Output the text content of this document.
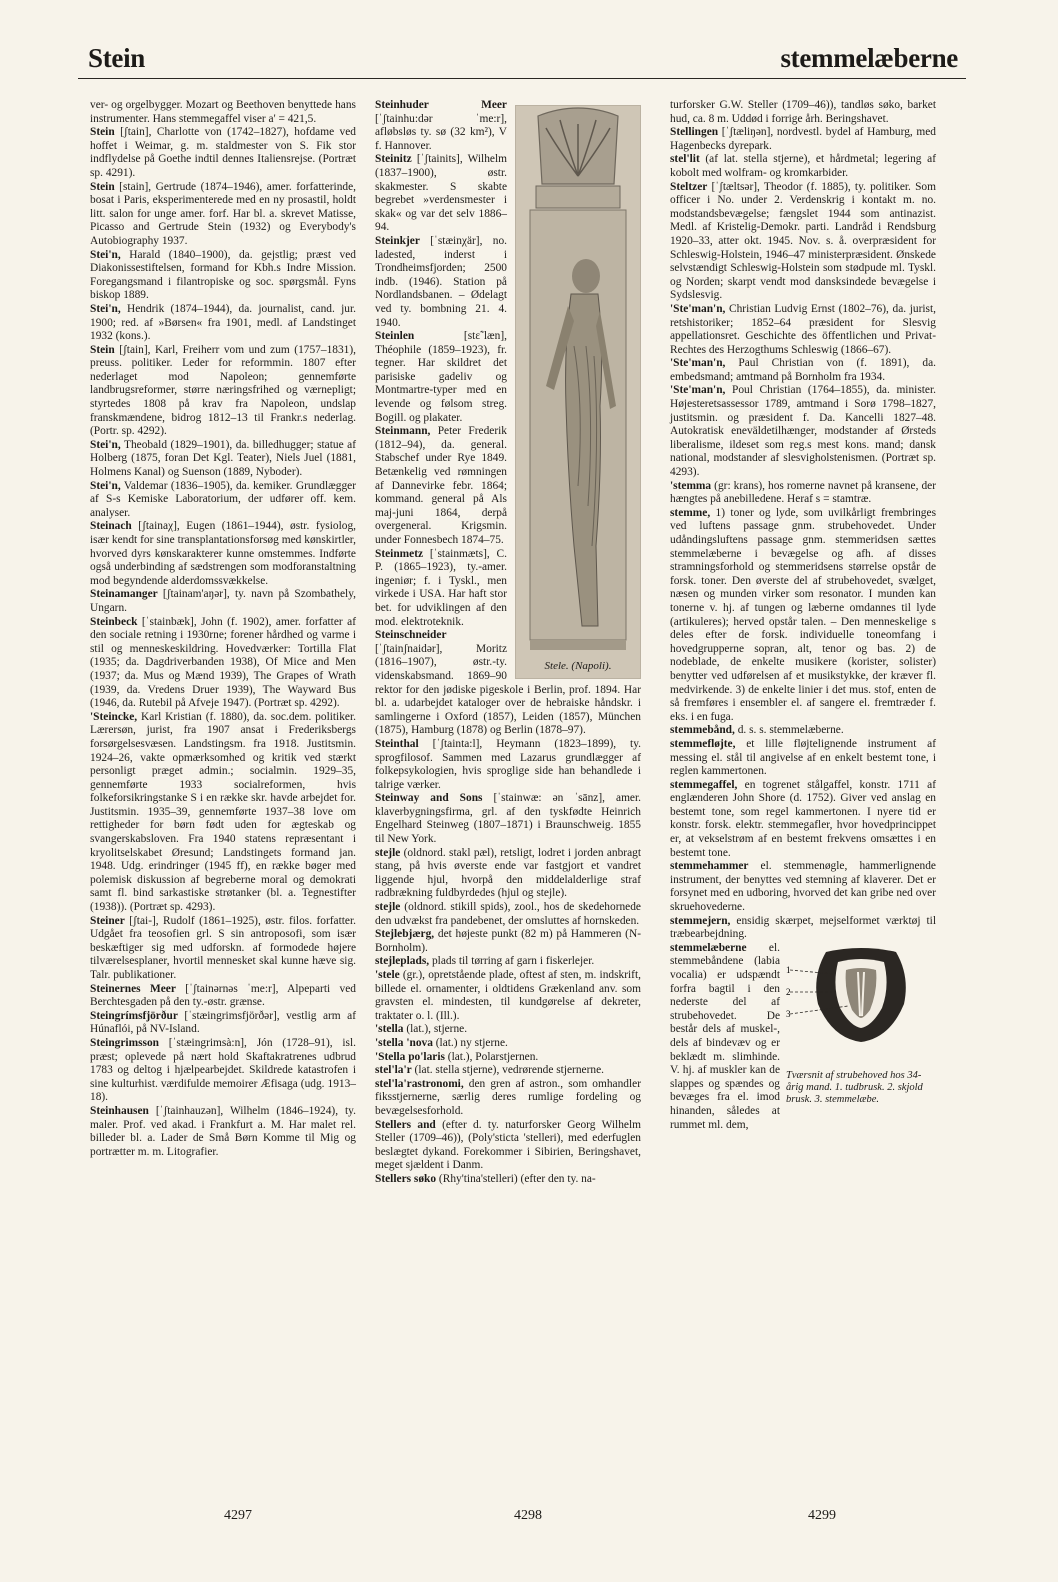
Stein	stemmelæberne

ver- og orgelbygger. Mozart og Beethoven benyttede hans instrumenter. Hans stemmegaffel viser a' = 421,5.

Stein [ʃtain], Charlotte von (1742–1827), hofdame ved hoffet i Weimar, g. m. staldmester von S. Fik stor indflydelse på Goethe indtil dennes Italiensrejse. (Portræt sp. 4291).

Stein [stain], Gertrude (1874–1946), amer. forfatterinde, bosat i Paris, eksperimenterede med en ny prosastil, holdt litt. salon for unge amer. forf. Har bl. a. skrevet Matisse, Picasso and Gertrude Stein (1932) og Everybody's Autobiography 1937.

Stei'n, Harald (1840–1900), da. gejstlig; præst ved Diakonissestiftelsen, formand for Kbh.s Indre Mission. Foregangsmand i filantropiske og soc. spørgsmål. Fyns biskop 1889.

Stei'n, Hendrik (1874–1944), da. journalist, cand. jur. 1900; red. af »Børsen« fra 1901, medl. af Landstinget 1932 (kons.).

Stein [ʃtain], Karl, Freiherr vom und zum (1757–1831), preuss. politiker. Leder for reformmin. 1807 efter nederlaget mod Napoleon; gennemførte landbrugsreformer, større næringsfrihed og værnepligt; styrtedes 1808 på krav fra Napoleon, undslap franskmændene, bidrog 1812–13 til Frankr.s nederlag. (Portr. sp. 4292).

Stei'n, Theobald (1829–1901), da. billedhugger; statue af Holberg (1875, foran Det Kgl. Teater), Niels Juel (1881, Holmens Kanal) og Suenson (1889, Nyboder).

Stei'n, Valdemar (1836–1905), da. kemiker. Grundlægger af S-s Kemiske Laboratorium, der udfører off. kem. analyser.

Steinach [ʃtainaχ], Eugen (1861–1944), østr. fysiolog, især kendt for sine transplantationsforsøg med kønskirtler, hvorved dyrs kønskarakterer kunne omstemmes. Indførte også underbinding af sædstrengen som modforanstaltning mod begyndende alderdomssvækkelse.

Steinamanger [ʃtainam'aŋər], ty. navn på Szombathely, Ungarn.

Steinbeck [ˈstainbæk], John (f. 1902), amer. forfatter af den sociale retning i 1930rne; forener hårdhed og varme i stil og menneskeskildring. Hovedværker: Tortilla Flat (1935; da. Dagdriverbanden 1938), Of Mice and Men (1937; da. Mus og Mænd 1939), The Grapes of Wrath (1939, da. Vredens Druer 1939), The Wayward Bus (1946, da. Rutebil på Afveje 1947). (Portræt sp. 4292).

'Steincke, Karl Kristian (f. 1880), da. soc.dem. politiker. Lærersøn, jurist, fra 1907 ansat i Frederiksbergs forsørgelsesvæsen. Landstingsm. fra 1918. Justitsmin. 1924–26, vakte opmærksomhed og kritik ved stærkt personligt præget admin.; socialmin. 1929–35, gennemførte 1933 socialreformen, hvis folkeforsikringstanke S i en række skr. havde arbejdet for. Justitsmin. 1935–39, gennemførte 1937–38 love om rettigheder for børn født uden for ægteskab og svangerskabsloven. Fra 1940 statens repræsentant i kryolitselskabet Øresund; Landstingets formand jan. 1948. Udg. erindringer (1945 ff), en række bøger med polemisk diskussion af begreberne moral og demokrati samt fl. bind sarkastiske strøtanker (bl. a. Tegnestifter (1938)). (Portræt sp. 4293).

Steiner [ʃtai-], Rudolf (1861–1925), østr. filos. forfatter. Udgået fra teosofien grl. S sin antroposofi, som især beskæftiger sig med udforskn. af formodede højere tilværelsesplaner, hvortil mennesket skal kunne hæve sig. Talr. publikationer.

Steinernes Meer [ˈʃtainərnəs ˈme:r], Alpeparti ved Berchtesgaden på den ty.-østr. grænse.

Steingrímsfjörður [ˈstæingrimsfjörðər], vestlig arm af Húnaflói, på NV-Island.

Steingrimsson [ˈstæingrimsà:n], Jón (1728–91), isl. præst; oplevede på nært hold Skaftakratrenes udbrud 1783 og deltog i hjælpearbejdet. Skildrede katastrofen i sine kulturhist. værdifulde memoirer Æfisaga (udg. 1913–18).

Steinhausen [ˈʃtainhauzən], Wilhelm (1846–1924), ty. maler. Prof. ved akad. i Frankfurt a. M. Har malet rel. billeder bl. a. Lader de Små Børn Komme til Mig og portrætter m. m. Litografier.

Stele. (Napoli).

Steinhuder Meer [ˈʃtainhu:dər ˈme:r], afløbsløs ty. sø (32 km²), V f. Hannover.

Steinitz [ˈʃtainits], Wilhelm (1837–1900), østr. skakmester. S skabte begrebet »verdensmester i skak« og var det selv 1886–94.

Steinkjer [ˈstæinχär], no. ladested, inderst i Trondheimsfjorden; 2500 indb. (1946). Station på Nordlandsbanen. – Ødelagt ved ty. bombning 21. 4. 1940.

Steinlen [stɛ̃ˈlæn], Théophile (1859–1923), fr. tegner. Har skildret det parisiske gadeliv og Montmartre-typer med en levende og følsom streg. Bogill. og plakater.

Steinmann, Peter Frederik (1812–94), da. general. Stabschef under Rye 1849. Betænkelig ved rømningen af Dannevirke febr. 1864; kommand. general på Als maj-juni 1864, derpå overgeneral. Krigsmin. under Fonnesbech 1874–75.

Steinmetz [ˈstainmæts], C. P. (1865–1923), ty.-amer. ingeniør; f. i Tyskl., men virkede i USA. Har haft stor bet. for udviklingen af den mod. elektroteknik.

Steinschneider [ˈʃtainʃnaidər], Moritz (1816–1907), østr.-ty. videnskabsmand. 1869–90 rektor for den jødiske pigeskole i Berlin, prof. 1894. Har bl. a. udarbejdet kataloger over de hebraiske håndskr. i samlingerne i Oxford (1857), Leiden (1857), München (1875), Hamburg (1878) og Berlin (1878–97).

Steinthal [ˈʃtainta:l], Heymann (1823–1899), ty. sprogfilosof. Sammen med Lazarus grundlægger af folkepsykologien, hvis sproglige side han behandlede i talrige værker.

Steinway and Sons [ˈstainwæ: ən ˈsānz], amer. klaverbygningsfirma, grl. af den tyskfødte Heinrich Engelhard Steinweg (1807–1871) i Braunschweig. 1855 til New York.

stejle (oldnord. stakl pæl), retsligt, lodret i jorden anbragt stang, på hvis øverste ende var fastgjort et vandret liggende hjul, hvorpå den middelalderlige straf radbrækning fuldbyrdedes (hjul og stejle).

stejle (oldnord. stikill spids), zool., hos de skedehornede den udvækst fra pandebenet, der omsluttes af hornskeden.

Stejlebjærg, det højeste punkt (82 m) på Hammeren (N-Bornholm).

stejleplads, plads til tørring af garn i fiskerlejer.

'stele (gr.), opretstående plade, oftest af sten, m. indskrift, billede el. ornamenter, i oldtidens Grækenland anv. som gravsten el. mindesten, til kundgørelse af dekreter, traktater o. l. (Ill.).

'stella (lat.), stjerne.

'stella 'nova (lat.) ny stjerne.

'Stella po'laris (lat.), Polarstjernen.

stel'la'r (lat. stella stjerne), vedrørende stjernerne.

stel'la'rastronomi, den gren af astron., som omhandler fiksstjernerne, særlig deres rumlige fordeling og bevægelsesforhold.

Stellers and (efter d. ty. naturforsker Georg Wilhelm Steller (1709–46)), (Poly'sticta 'stelleri), med ederfuglen beslægtet dykand. Forekommer i Sibirien, Beringshavet, meget sjældent i Danm.

Stellers søko (Rhy'tina'stelleri) (efter den ty. na-

turforsker G.W. Steller (1709–46)), tandløs søko, barket hud, ca. 8 m. Uddød i forrige årh. Beringshavet.

Stellingen [ˈʃtæliŋən], nordvestl. bydel af Hamburg, med Hagenbecks dyrepark.

stel'lit (af lat. stella stjerne), et hårdmetal; legering af kobolt med wolfram- og kromkarbider.

Steltzer [ˈʃtæltsər], Theodor (f. 1885), ty. politiker. Som officer i No. under 2. Verdenskrig i kontakt m. no. modstandsbevægelse; fængslet 1944 som antinazist. Medl. af Kristelig-Demokr. parti. Landråd i Rendsburg 1920–33, atter okt. 1945. Nov. s. å. overpræsident for Schleswig-Holstein, 1946–47 ministerpræsident. Ønskede selvstændigt Schleswig-Holstein som stødpude ml. Tyskl. og Norden; skarpt vendt mod dansksindede bevægelse i Sydslesvig.

'Ste'man'n, Christian Ludvig Ernst (1802–76), da. jurist, retshistoriker; 1852–64 præsident for Slesvig appellationsret. Geschichte des öffentlichen und Privat-Rechtes des Herzogthums Schleswig (1866–67).

'Ste'man'n, Paul Christian von (f. 1891), da. embedsmand; amtmand på Bornholm fra 1934.

'Ste'man'n, Poul Christian (1764–1855), da. minister. Højesteretsassessor 1789, amtmand i Sorø 1798–1827, justitsmin. og præsident f. Da. Kancelli 1827–48. Autokratisk eneväldetilhænger, modstander af Ørsteds liberalisme, ildeset som reg.s mest kons. mand; dansk national, modstander af slesvigholstenismen. (Portræt sp. 4293).

'stemma (gr: krans), hos romerne navnet på kransene, der hængtes på anebilledene. Heraf s = stamtræ.

stemme, 1) toner og lyde, som uvilkårligt frembringes ved luftens passage gnm. strubehovedet. Under udåndingsluftens passage gnm. stemmeridsen sættes stemmelæberne i bevægelse og afh. af disses stramningsforhold og stemmeridsens størrelse opstår de forsk. toner. Den øverste del af strubehovedet, svælget, næsen og munden virker som resonator. I munden kan tonerne v. hj. af tungen og læberne omdannes til lyde (artikuleres); herved opstår talen. – Den menneskelige s deles efter de forsk. individuelle toneomfang i hovedgrupperne sopran, alt, tenor og bas. 2) de nodeblade, de enkelte musikere (korister, solister) benytter ved udførelsen af et musikstykke, der kræver fl. medvirkende. 3) de enkelte linier i det mus. stof, enten de så fremføres i ensembler el. af sangere el. fremtræder f. eks. i en fuga.

stemmebånd, d. s. s. stemmelæberne.

stemmefløjte, et lille fløjtelignende instrument af messing el. stål til angivelse af en enkelt bestemt tone, i reglen kammertonen.

stemmegaffel, en togrenet stålgaffel, konstr. 1711 af englænderen John Shore (d. 1752). Giver ved anslag en bestemt tone, som regel kammertonen. I nyere tid er konstr. forsk. elektr. stemmegafler, hvor hovedprincippet er, at vekselstrøm af en bestemt frekvens omsættes i en bestemt tone.

stemmehammer el. stemmenøgle, hammerlignende instrument, der benyttes ved stemning af klaverer. Det er forsynet med en udboring, hvorved det kan gribe ned over skruehovederne.

stemmejern, ensidig skærpet, mejselformet værktøj til træbearbejdning.

1
2
3
Tværsnit af strubehoved hos 34-årig mand. 1. tudbrusk. 2. skjold brusk. 3. stemmelæbe.

stemmelæberne el. stemmebåndene (labia vocalia) er udspændt forfra bagtil i den nederste del af strubehovedet. De består dels af muskel-, dels af bindevæv og er beklædt m. slimhinde. V. hj. af muskler kan de slappes og spændes og bevæges fra el. imod hinanden, således at rummet ml. dem,

4297	4298	4299
